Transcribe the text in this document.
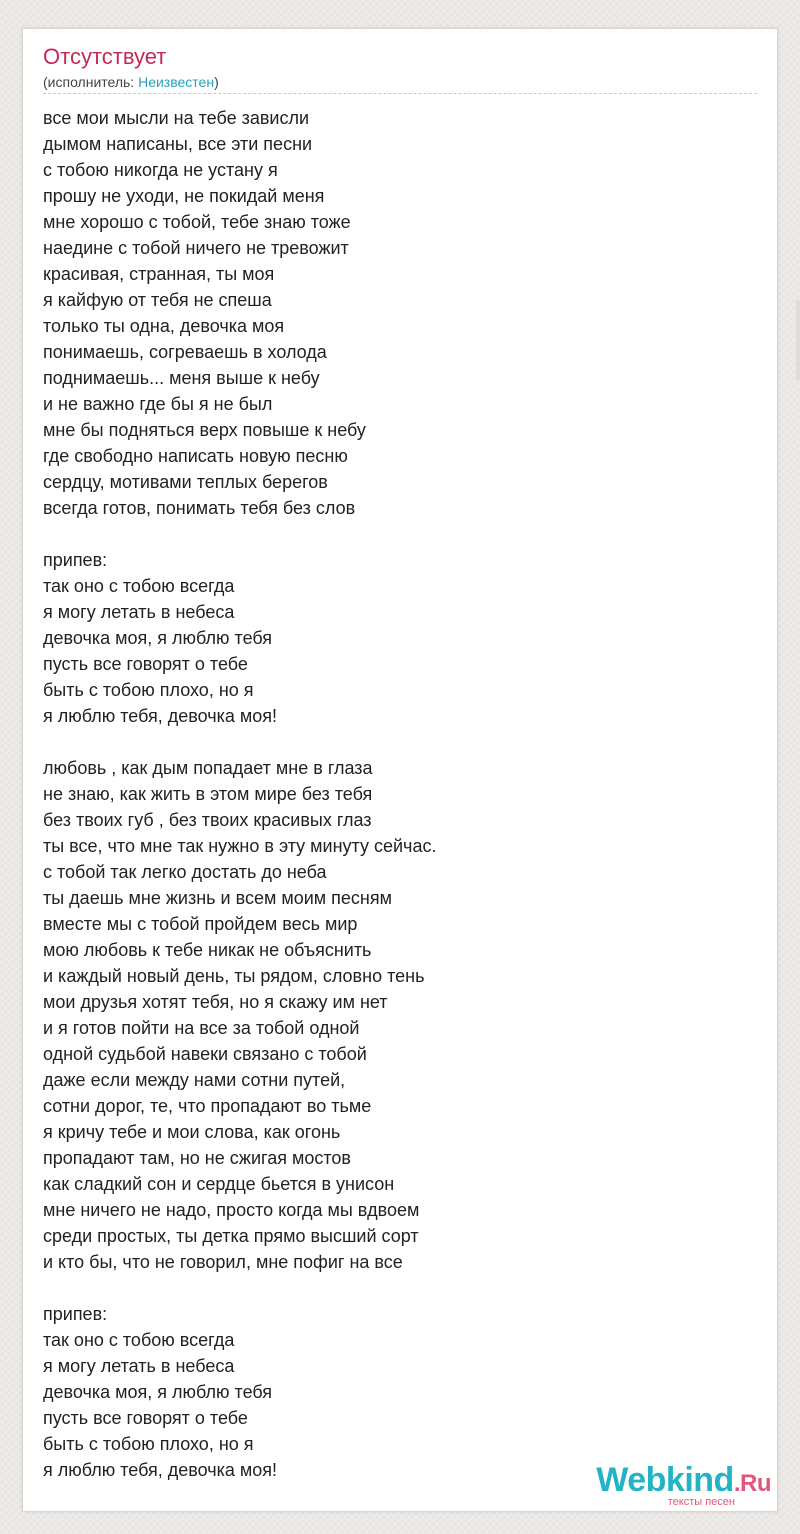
Отсутствует
(исполнитель: Неизвестен)
все мои мысли на тебе зависли
дымом написаны, все эти песни
с тобою никогда не устану я
прошу не уходи, не покидай меня
мне хорошо с тобой, тебе знаю тоже
наедине с тобой ничего не тревожит
красивая, странная, ты моя
я кайфую от тебя не спеша
только ты одна, девочка моя
понимаешь, согреваешь в холода
поднимаешь... меня выше к небу
и не важно где бы я не был
мне бы подняться верх повыше к небу
где свободно написать новую песню
сердцу, мотивами теплых берегов
всегда готов, понимать тебя без слов
припев:
так оно с тобою всегда
я могу летать в небеса
девочка моя, я люблю тебя
пусть все говорят о тебе
быть с тобою плохо, но я
я люблю тебя, девочка моя!
любовь , как дым попадает мне в глаза
не знаю, как жить в этом мире без тебя
без твоих губ , без твоих красивых глаз
ты все, что мне так нужно в эту минуту сейчас.
с тобой так легко достать до неба
ты даешь мне жизнь и всем моим песням
вместе мы с тобой пройдем весь мир
мою любовь к тебе никак не объяснить
и каждый новый день, ты рядом, словно тень
мои друзья хотят тебя, но я скажу им нет
и я готов пойти на все за тобой одной
одной судьбой навеки связано с тобой
даже если между нами сотни путей,
сотни дорог, те, что пропадают во тьме
я кричу тебе и мои слова, как огонь
пропадают там, но не сжигая мостов
как сладкий сон и сердце бьется в унисон
мне ничего не надо, просто когда мы вдвоем
среди простых, ты детка прямо высший сорт
и кто бы, что не говорил, мне пофиг на все
припев:
так оно с тобою всегда
я могу летать в небеса
девочка моя, я люблю тебя
пусть все говорят о тебе
быть с тобою плохо, но я
я люблю тебя, девочка моя!	Webkind.Ru
тексты песен
